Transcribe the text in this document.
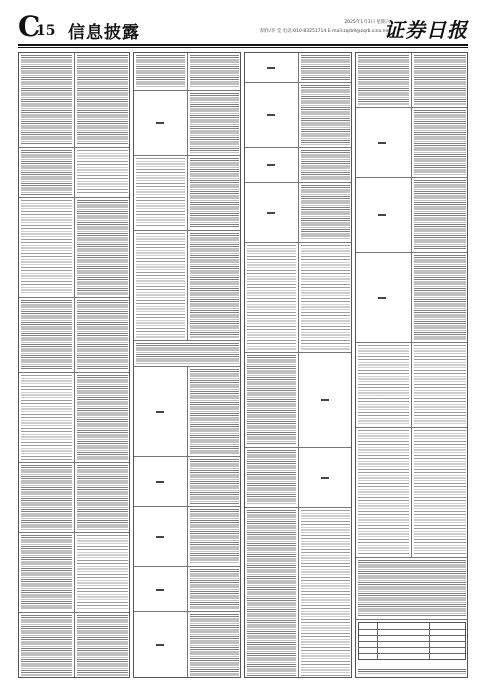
C
15 信息披露
2025年1月3日 星期六
制作/李 莹 电话:010-83251714 E-mail:zqrb9@zqrb.sina.net
证券日报
